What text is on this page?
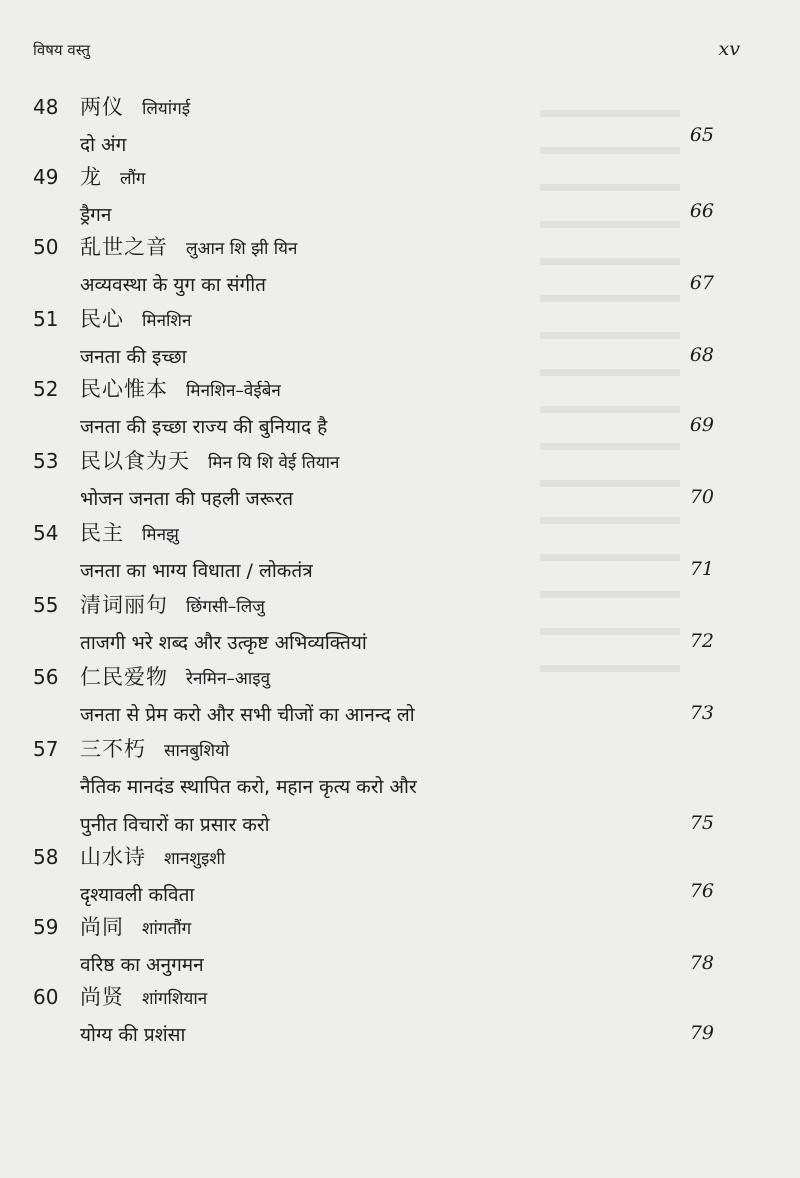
विषय वस्तु	xv
48 两仪 लियांगई
दो अंग	65
49 龙 लौंग
ड्रैगन	66
50 乱世之音 लुआन शि झी यिन
अव्यवस्था के युग का संगीत	67
51 民心 मिनशिन
जनता की इच्छा	68
52 民心惟本 मिनशिन–वेईबेन
जनता की इच्छा राज्य की बुनियाद है	69
53 民以食为天 मिन यि शि वेई तियान
भोजन जनता की पहली जरूरत	70
54 民主 मिनझु
जनता का भाग्य विधाता / लोकतंत्र	71
55 清词丽句 छिंगसी–लिजु
ताजगी भरे शब्द और उत्कृष्ट अभिव्यक्तियां	72
56 仁民爱物 रेनमिन–आइवु
जनता से प्रेम करो और सभी चीजों का आनन्द लो	73
57 三不朽 सानबुशियो
नैतिक मानदंड स्थापित करो, महान कृत्य करो और
पुनीत विचारों का प्रसार करो	75
58 山水诗 शानशुइशी
दृश्यावली कविता	76
59 尚同 शांगतौंग
वरिष्ठ का अनुगमन	78
60 尚贤 शांगशियान
योग्य की प्रशंसा	79
